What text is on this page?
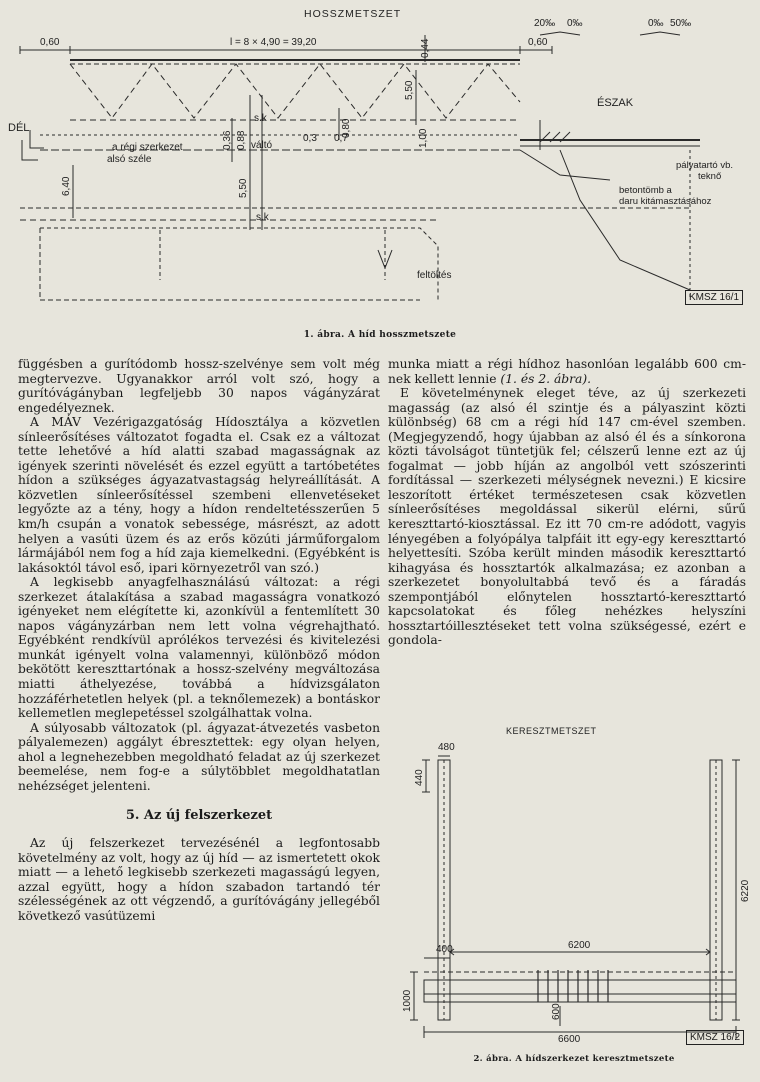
HOSSZMETSZET
0,60	l = 8 × 4,90 = 39,20	0,60
20‰ 0‰	0‰ 50‰
0,44
5,50
0,80
0,88	1,00
0,36	0,3 0,7
6,40	5,50
DÉL
ÉSZAK
a régi szerkezet
alsó széle
s.k
s.k
váltó
pályatartó vb.
teknő
betontömb a
daru kitámasztásához
feltöltés
KMSZ 16/1
1. ábra. A híd hosszmetszete

függésben a gurítódomb hossz-szelvénye sem volt még megtervezve. Ugyanakkor arról volt szó, hogy a gurítóvágányban legfeljebb 30 napos vágányzárat engedélyeznek.

A MÁV Vezérigazgatóság Hídosztálya a közvetlen sínleerősítéses változatot fogadta el. Csak ez a változat tette lehetővé a híd alatti szabad magasságnak az igények szerinti növelését és ezzel együtt a tartóbetétes hídon a szükséges ágyazatvastagság helyreállítását. A közvetlen sínleerősítéssel szembeni ellenvetéseket legyőzte az a tény, hogy a hídon rendeltetésszerűen 5 km/h csupán a vonatok sebessége, másrészt, az adott helyen a vasúti üzem és az erős közúti járműforgalom lármájából nem fog a híd zaja kiemelkedni. (Egyébként is lakásoktól távol eső, ipari környezetről van szó.)

A legkisebb anyagfelhasználású változat: a régi szerkezet átalakítása a szabad magasságra vonatkozó igényeket nem elégítette ki, azonkívül a fentemlített 30 napos vágányzárban nem lett volna végrehajtható. Egyébként rendkívül aprólékos tervezési és kivitelezési munkát igényelt volna valamennyi, különböző módon bekötött kereszttartónak a hossz-szelvény megváltozása miatti áthelyezése, továbbá a hídvizsgálaton hozzáférhetetlen helyek (pl. a teknőlemezek) a bontáskor kellemetlen meglepetéssel szolgálhattak volna.

A súlyosabb változatok (pl. ágyazat-átvezetés vasbeton pályalemezen) aggályt ébresztettek: egy olyan helyen, ahol a legnehezebben megoldható feladat az új szerkezet beemelése, nem fog-e a súlytöbblet megoldhatatlan nehézséget jelenteni.

5. Az új felszerkezet

Az új felszerkezet tervezésénél a legfontosabb követelmény az volt, hogy az új híd — az ismertetett okok miatt — a lehető legkisebb szerkezeti magasságú legyen, azzal együtt, hogy a hídon szabadon tartandó tér szélességének az ott végzendő, a gurítóvágány jellegéből következő vasútüzemi

munka miatt a régi hídhoz hasonlóan legalább 600 cm-nek kellett lennie (1. és 2. ábra).

E követelménynek eleget téve, az új szerkezeti magasság (az alsó él szintje és a pályaszint közti különbség) 68 cm a régi híd 147 cm-ével szemben. (Megjegyzendő, hogy újabban az alsó él és a sínkorona közti távolságot tüntetjük fel; célszerű lenne ezt az új fogalmat — jobb híján az angolból vett szószerinti fordítással — szerkezeti mélységnek nevezni.) E kicsire leszorított értéket természetesen csak közvetlen sínleerősítéses megoldással sikerül elérni, sűrű kereszttartó-kiosztással. Ez itt 70 cm-re adódott, vagyis lényegében a folyópálya talpfáit itt egy-egy kereszttartó helyettesíti. Szóba került minden második kereszttartó kihagyása és hossztartók alkalmazása; ez azonban a szerkezetet bonyolultabbá tevő és a fáradás szempontjából előnytelen hossztartó-kereszttartó kapcsolatokat és főleg nehézkes helyszíni hossztartóillesztéseket tett volna szükségessé, ezért e gondola-

KERESZTMETSZET
480
440
6220
400	6200
1000	600
6600	KMSZ 16/2
2. ábra. A hídszerkezet keresztmetszete
